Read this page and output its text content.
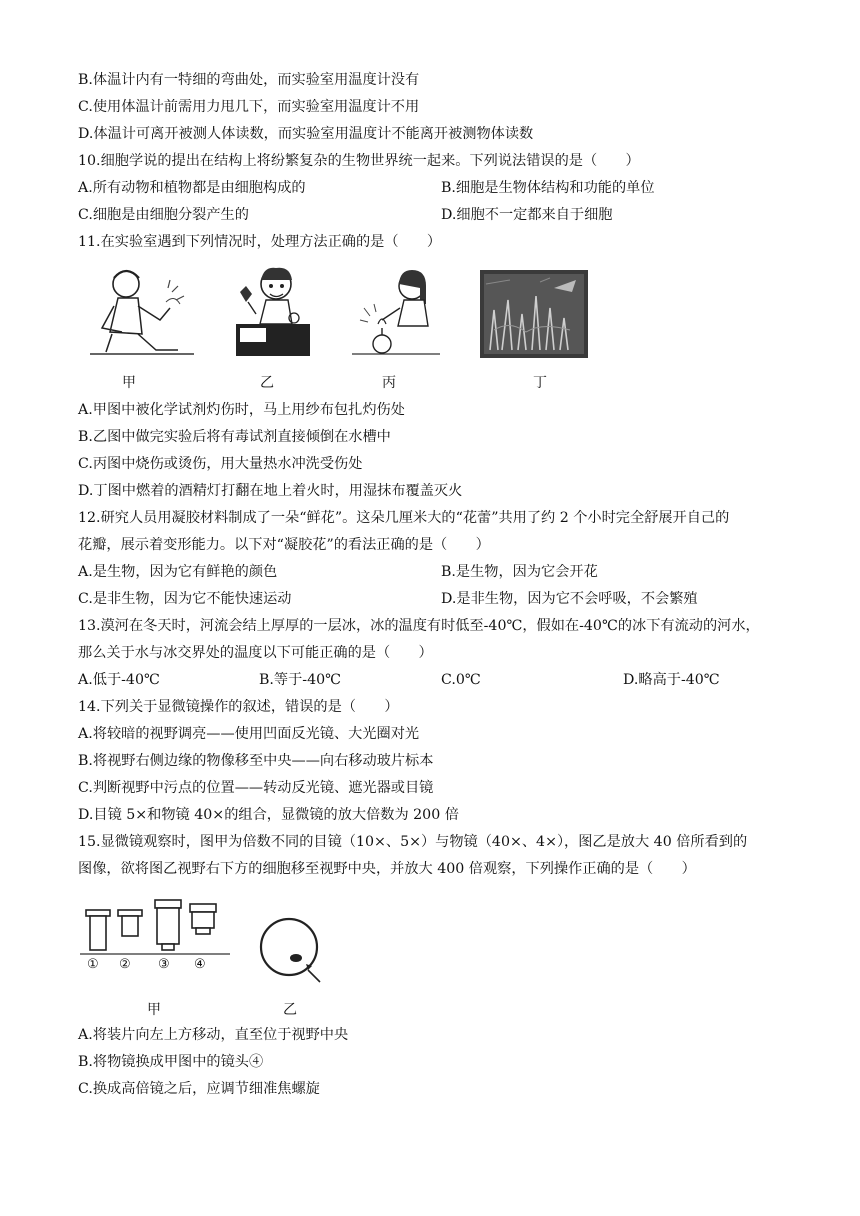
B.体温计内有一特细的弯曲处，而实验室用温度计没有
C.使用体温计前需用力甩几下，而实验室用温度计不用
D.体温计可离开被测人体读数，而实验室用温度计不能离开被测物体读数
10.细胞学说的提出在结构上将纷繁复杂的生物世界统一起来。下列说法错误的是（　　）
A.所有动物和植物都是由细胞构成的	B.细胞是生物体结构和功能的单位
C.细胞是由细胞分裂产生的	D.细胞不一定都来自于细胞
11.在实验室遇到下列情况时，处理方法正确的是（　　）
甲	乙	丙	丁
A.甲图中被化学试剂灼伤时，马上用纱布包扎灼伤处
B.乙图中做完实验后将有毒试剂直接倾倒在水槽中
C.丙图中烧伤或烫伤，用大量热水冲洗受伤处
D.丁图中燃着的酒精灯打翻在地上着火时，用湿抹布覆盖灭火
12.研究人员用凝胶材料制成了一朵“鲜花”。这朵几厘米大的“花蕾”共用了约 2 个小时完全舒展开自己的
花瓣，展示着变形能力。以下对“凝胶花”的看法正确的是（　　）
A.是生物，因为它有鲜艳的颜色	B.是生物，因为它会开花
C.是非生物，因为它不能快速运动	D.是非生物，因为它不会呼吸，不会繁殖
13.漠河在冬天时，河流会结上厚厚的一层冰，冰的温度有时低至-40℃，假如在-40℃的冰下有流动的河水，
那么关于水与冰交界处的温度以下可能正确的是（　　）
A.低于-40℃	B.等于-40℃	C.0℃	D.略高于-40℃
14.下列关于显微镜操作的叙述，错误的是（　　）
A.将较暗的视野调亮——使用凹面反光镜、大光圈对光
B.将视野右侧边缘的物像移至中央——向右移动玻片标本
C.判断视野中污点的位置——转动反光镜、遮光器或目镜
D.目镜 5×和物镜 40×的组合，显微镜的放大倍数为 200 倍
15.显微镜观察时，图甲为倍数不同的目镜（10×、5×）与物镜（40×、4×），图乙是放大 40 倍所看到的
图像，欲将图乙视野右下方的细胞移至视野中央，并放大 400 倍观察，下列操作正确的是（　　）
① ② ③ ④
甲	乙
A.将装片向左上方移动，直至位于视野中央
B.将物镜换成甲图中的镜头④
C.换成高倍镜之后，应调节细准焦螺旋
